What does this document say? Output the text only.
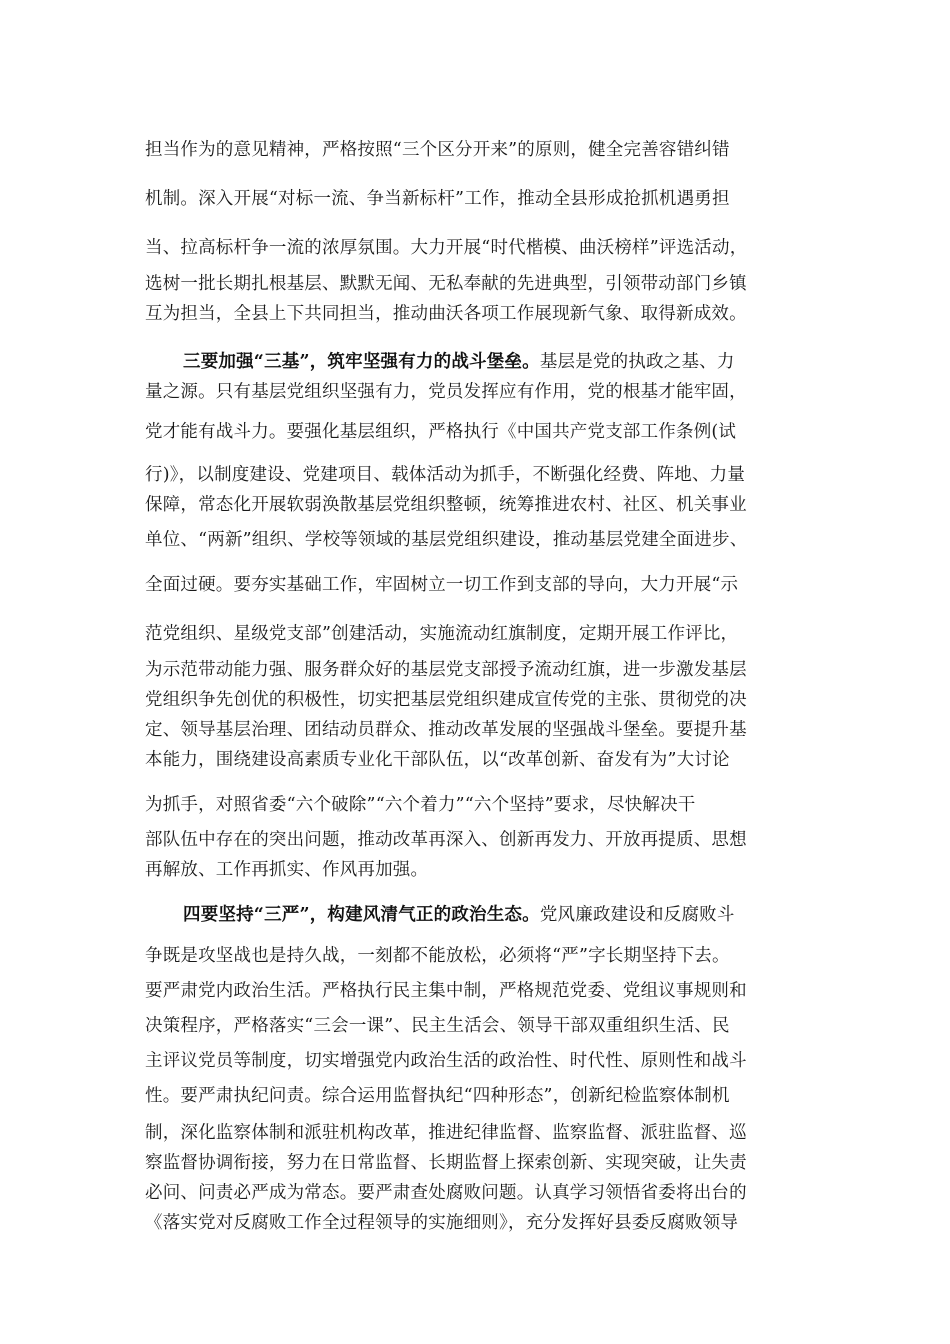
担当作为的意见精神，严格按照“三个区分开来”的原则，健全完善容错纠错
机制。深入开展“对标一流、争当新标杆”工作，推动全县形成抢抓机遇勇担
当、拉高标杆争一流的浓厚氛围。大力开展“时代楷模、曲沃榜样”评选活动，
选树一批长期扎根基层、默默无闻、无私奉献的先进典型，引领带动部门乡镇
互为担当，全县上下共同担当，推动曲沃各项工作展现新气象、取得新成效。
三要加强“三基”，筑牢坚强有力的战斗堡垒。基层是党的执政之基、力
量之源。只有基层党组织坚强有力，党员发挥应有作用，党的根基才能牢固，
党才能有战斗力。要强化基层组织，严格执行《中国共产党支部工作条例(试
行)》，以制度建设、党建项目、载体活动为抓手，不断强化经费、阵地、力量
保障，常态化开展软弱涣散基层党组织整顿，统筹推进农村、社区、机关事业
单位、“两新”组织、学校等领域的基层党组织建设，推动基层党建全面进步、
全面过硬。要夯实基础工作，牢固树立一切工作到支部的导向，大力开展“示
范党组织、星级党支部”创建活动，实施流动红旗制度，定期开展工作评比，
为示范带动能力强、服务群众好的基层党支部授予流动红旗，进一步激发基层
党组织争先创优的积极性，切实把基层党组织建成宣传党的主张、贯彻党的决
定、领导基层治理、团结动员群众、推动改革发展的坚强战斗堡垒。要提升基
本能力，围绕建设高素质专业化干部队伍，以“改革创新、奋发有为”大讨论
为抓手，对照省委“六个破除”“六个着力”“六个坚持”要求，尽快解决干
部队伍中存在的突出问题，推动改革再深入、创新再发力、开放再提质、思想
再解放、工作再抓实、作风再加强。
四要坚持“三严”，构建风清气正的政治生态。党风廉政建设和反腐败斗
争既是攻坚战也是持久战，一刻都不能放松，必须将“严”字长期坚持下去。
要严肃党内政治生活。严格执行民主集中制，严格规范党委、党组议事规则和
决策程序，严格落实“三会一课”、民主生活会、领导干部双重组织生活、民
主评议党员等制度，切实增强党内政治生活的政治性、时代性、原则性和战斗
性。要严肃执纪问责。综合运用监督执纪“四种形态”，创新纪检监察体制机
制，深化监察体制和派驻机构改革，推进纪律监督、监察监督、派驻监督、巡
察监督协调衔接，努力在日常监督、长期监督上探索创新、实现突破，让失责
必问、问责必严成为常态。要严肃查处腐败问题。认真学习领悟省委将出台的
《落实党对反腐败工作全过程领导的实施细则》，充分发挥好县委反腐败领导
